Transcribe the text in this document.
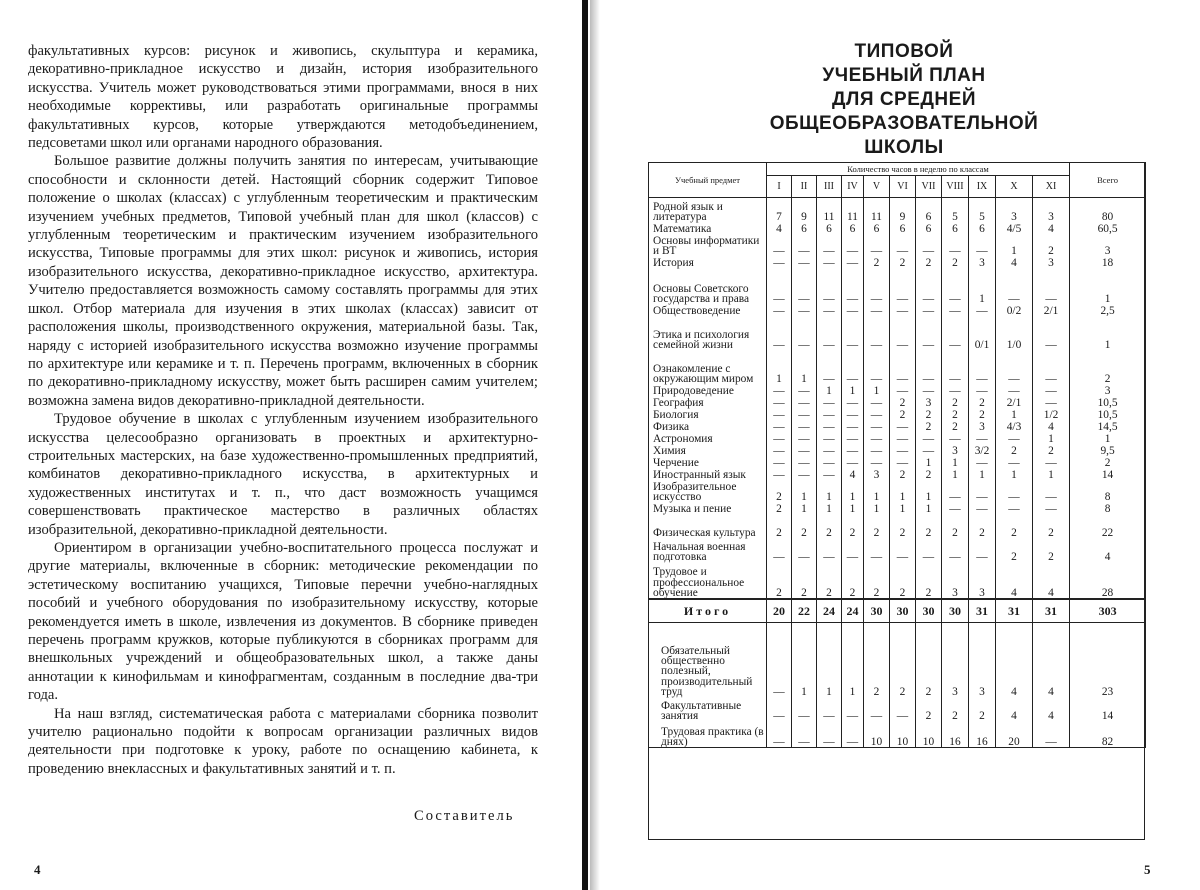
факультативных курсов: рисунок и живопись, скульптура и керамика, декоративно-прикладное искусство и дизайн, история изобразительного искусства. Учитель может руководствоваться этими программами, внося в них необходимые коррективы, или разработать оригинальные программы факультативных курсов, которые утверждаются методобъединением, педсоветами школ или органами народного образования.

Большое развитие должны получить занятия по интересам, учитывающие способности и склонности детей. Настоящий сборник содержит Типовое положение о школах (классах) с углубленным теоретическим и практическим изучением учебных предметов, Типовой учебный план для школ (классов) с углубленным теоретическим и практическим изучением изобразительного искусства, Типовые программы для этих школ: рисунок и живопись, история изобразительного искусства, декоративно-прикладное искусство, архитектура. Учителю предоставляется возможность самому составлять программы для этих школ. Отбор материала для изучения в этих школах (классах) зависит от расположения школы, производственного окружения, материальной базы. Так, наряду с историей изобразительного искусства возможно изучение программы по архитектуре или керамике и т. п. Перечень программ, включенных в сборник по декоративно-прикладному искусству, может быть расширен самим учителем; возможна замена видов декоративно-прикладной деятельности.

Трудовое обучение в школах с углубленным изучением изобразительного искусства целесообразно организовать в проектных и архитектурно-строительных мастерских, на базе художественно-промышленных предприятий, комбинатов декоративно-прикладного искусства, в архитектурных и художественных институтах и т. п., что даст возможность учащимся совершенствовать практическое мастерство в различных областях изобразительной, декоративно-прикладной деятельности.

Ориентиром в организации учебно-воспитательного процесса послужат и другие материалы, включенные в сборник: методические рекомендации по эстетическому воспитанию учащихся, Типовые перечни учебно-наглядных пособий и учебного оборудования по изобразительному искусству, которые рекомендуется иметь в школе, извлечения из документов. В сборнике приведен перечень программ кружков, которые публикуются в сборниках программ для внешкольных учреждений и общеобразовательных школ, а также даны аннотации к кинофильмам и кинофрагментам, созданным в последние два-три года.

На наш взгляд, систематическая работа с материалами сборника позволит учителю рационально подойти к вопросам организации различных видов деятельности при подготовке к уроку, работе по оснащению кабинета, к проведению внеклассных и факультативных занятий и т. п.

Составитель
4
ТИПОВОЙ
УЧЕБНЫЙ ПЛАН
ДЛЯ СРЕДНЕЙ
ОБЩЕОБРАЗОВАТЕЛЬНОЙ
ШКОЛЫ
Учебный предмет	Количество часов в неделю по классам											Всего
	I	II	III	IV	V	VI	VII	VIII	IX	X	XI	
Родной язык и литература	7	9	11	11	11	9	6	5	5	3	3	80
Математика	4	6	6	6	6	6	6	6	6	4/5	4	60,5
Основы информатики и ВТ	—	—	—	—	—	—	—	—	—	1	2	3
История	—	—	—	—	2	2	2	2	3	4	3	18
Основы Советского государства и права	—	—	—	—	—	—	—	—	1	—	—	1
Обществоведение	—	—	—	—	—	—	—	—	—	0/2	2/1	2,5
Этика и психология семейной жизни	—	—	—	—	—	—	—	—	0/1	1/0	—	1
Ознакомление с окружающим миром	1	1	—	—	—	—	—	—	—	—	—	2
Природоведение	—	—	1	1	1	—	—	—	—	—	—	3
География	—	—	—	—	—	2	3	2	2	2/1	—	10,5
Биология	—	—	—	—	—	2	2	2	2	1	1/2	10,5
Физика	—	—	—	—	—	—	2	2	3	4/3	4	14,5
Астрономия	—	—	—	—	—	—	—	—	—	—	1	1
Химия	—	—	—	—	—	—	—	3	3/2	2	2	9,5
Черчение	—	—	—	—	—	—	1	1	—	—	—	2
Иностранный язык	—	—	—	4	3	2	2	1	1	1	1	14
Изобразительное искусство	2	1	1	1	1	1	1	—	—	—	—	8
Музыка и пение	2	1	1	1	1	1	1	—	—	—	—	8
Физическая культура	2	2	2	2	2	2	2	2	2	2	2	22
Начальная военная подготовка	—	—	—	—	—	—	—	—	—	2	2	4
Трудовое и профессиональное обучение	2	2	2	2	2	2	2	3	3	4	4	28
Итого	20	22	24	24	30	30	30	30	31	31	31	303
Обязательный общественно полезный, производительный труд	—	1	1	1	2	2	2	3	3	4	4	23
Факультативные занятия	—	—	—	—	—	—	2	2	2	4	4	14
Трудовая практика (в днях)	—	—	—	—	10	10	10	16	16	20	—	82
5
